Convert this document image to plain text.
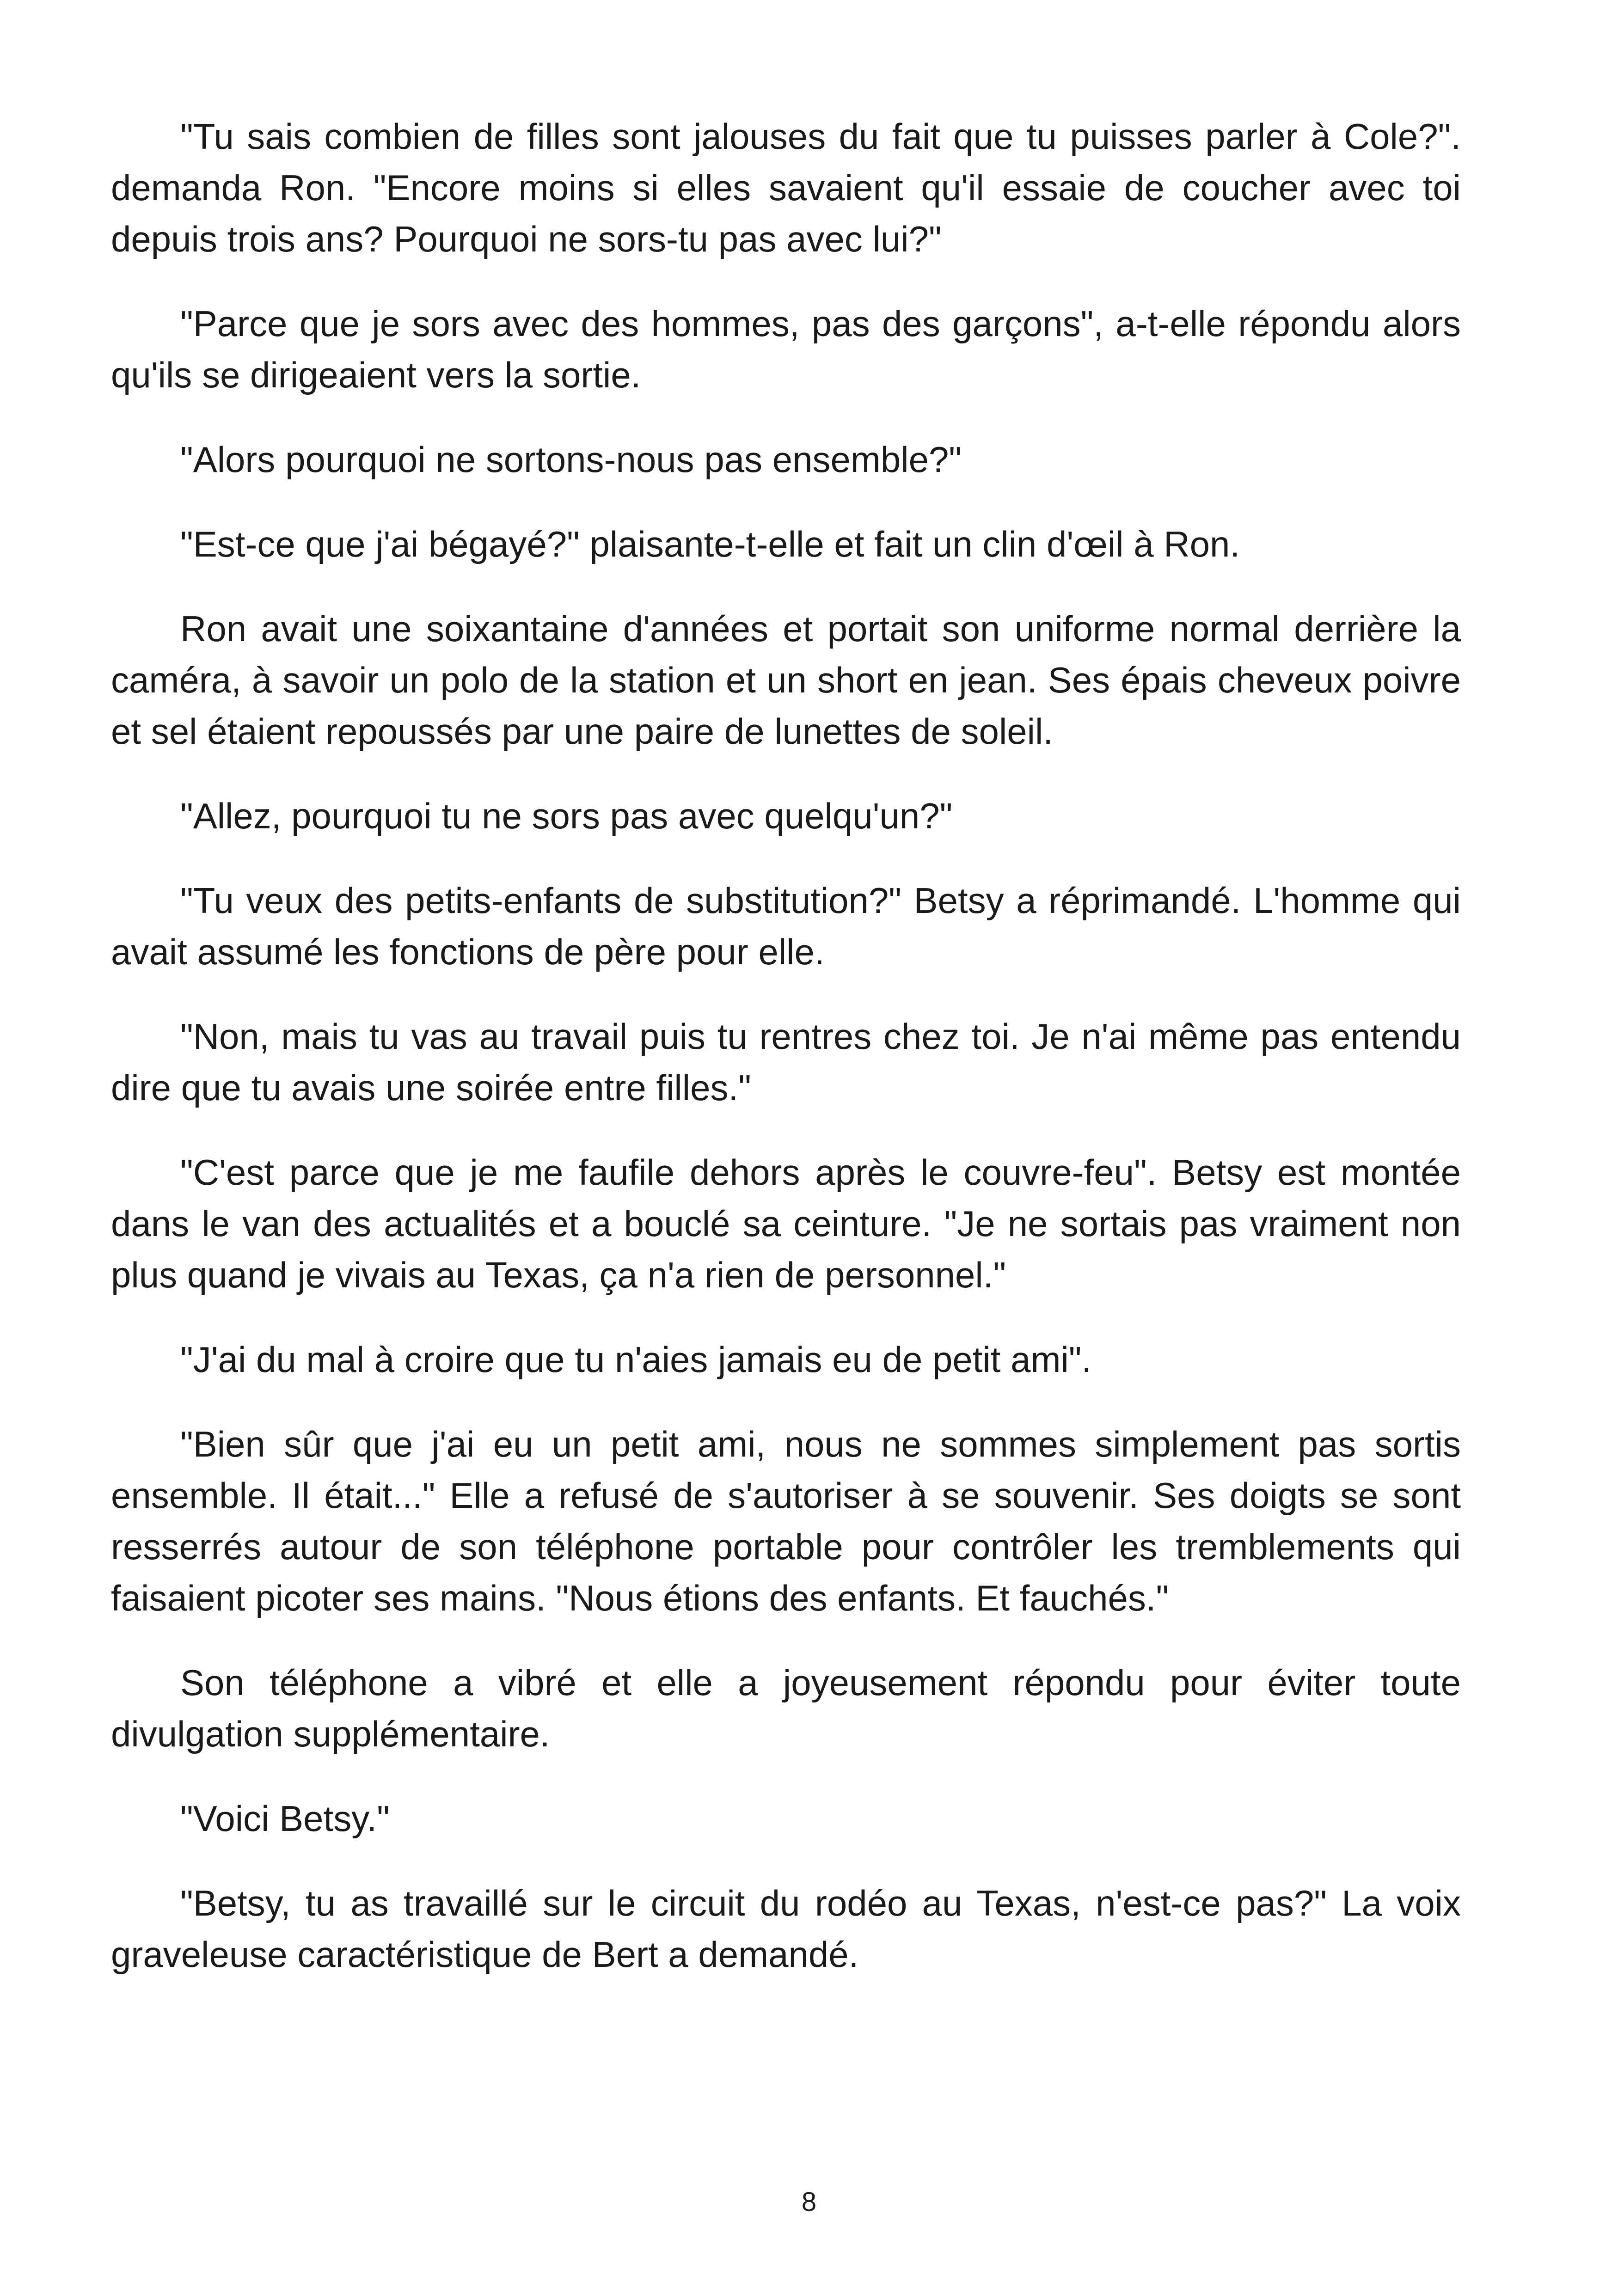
"Tu sais combien de filles sont jalouses du fait que tu puisses parler à Cole?". demanda Ron. "Encore moins si elles savaient qu'il essaie de coucher avec toi depuis trois ans? Pourquoi ne sors-tu pas avec lui?"

"Parce que je sors avec des hommes, pas des garçons", a-t-elle répondu alors qu'ils se dirigeaient vers la sortie.

"Alors pourquoi ne sortons-nous pas ensemble?"

"Est-ce que j'ai bégayé?" plaisante-t-elle et fait un clin d'œil à Ron.

Ron avait une soixantaine d'années et portait son uniforme normal derrière la caméra, à savoir un polo de la station et un short en jean. Ses épais cheveux poivre et sel étaient repoussés par une paire de lunettes de soleil.

"Allez, pourquoi tu ne sors pas avec quelqu'un?"

"Tu veux des petits-enfants de substitution?" Betsy a réprimandé. L'homme qui avait assumé les fonctions de père pour elle.

"Non, mais tu vas au travail puis tu rentres chez toi. Je n'ai même pas entendu dire que tu avais une soirée entre filles."

"C'est parce que je me faufile dehors après le couvre-feu". Betsy est montée dans le van des actualités et a bouclé sa ceinture. "Je ne sortais pas vraiment non plus quand je vivais au Texas, ça n'a rien de personnel."

"J'ai du mal à croire que tu n'aies jamais eu de petit ami".

"Bien sûr que j'ai eu un petit ami, nous ne sommes simplement pas sortis ensemble. Il était..." Elle a refusé de s'autoriser à se souvenir. Ses doigts se sont resserrés autour de son téléphone portable pour contrôler les tremblements qui faisaient picoter ses mains. "Nous étions des enfants. Et fauchés."

Son téléphone a vibré et elle a joyeusement répondu pour éviter toute divulgation supplémentaire.

"Voici Betsy."

"Betsy, tu as travaillé sur le circuit du rodéo au Texas, n'est-ce pas?" La voix graveleuse caractéristique de Bert a demandé.

8
